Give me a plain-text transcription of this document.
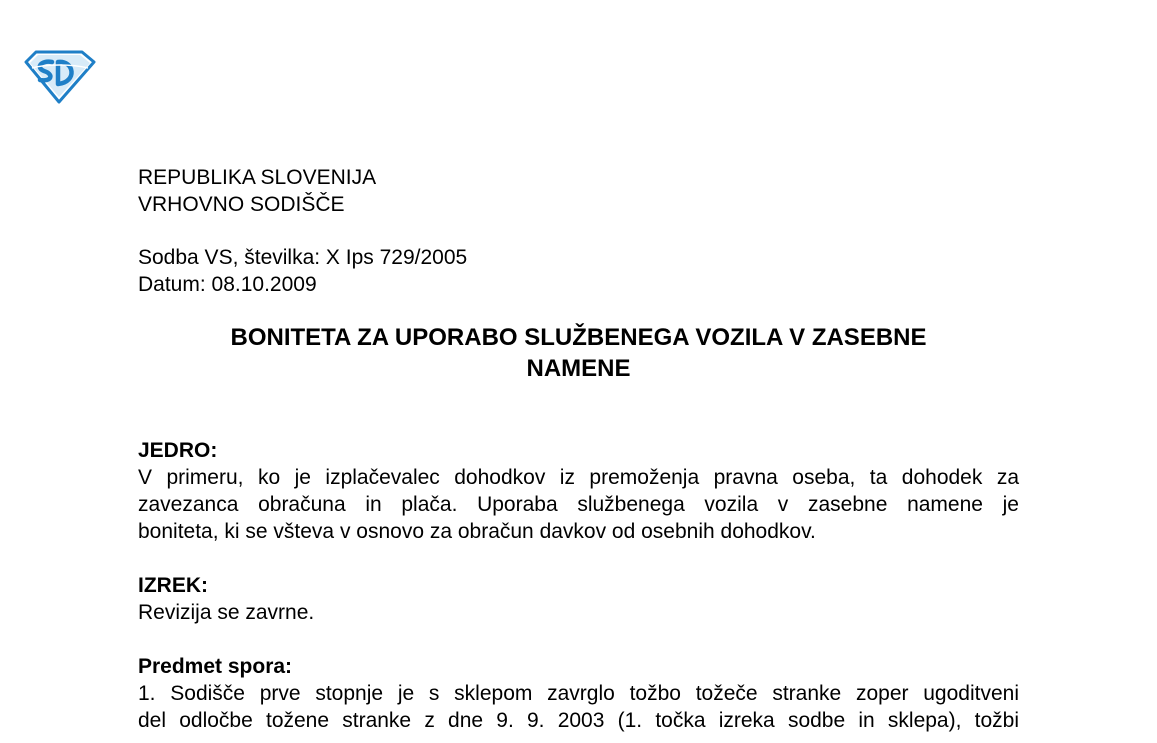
REPUBLIKA SLOVENIJA
VRHOVNO SODIŠČE
Sodba VS, številka: X Ips 729/2005
Datum: 08.10.2009
BONITETA ZA UPORABO SLUŽBENEGA VOZILA V ZASEBNE
NAMENE
JEDRO:
V primeru, ko je izplačevalec dohodkov iz premoženja pravna oseba, ta dohodek za
zavezanca obračuna in plača. Uporaba službenega vozila v zasebne namene je
boniteta, ki se všteva v osnovo za obračun davkov od osebnih dohodkov.
IZREK:
Revizija se zavrne.
Predmet spora:
1. Sodišče prve stopnje je s sklepom zavrglo tožbo tožeče stranke zoper ugoditveni
del odločbe tožene stranke z dne 9. 9. 2003 (1. točka izreka sodbe in sklepa), tožbi
